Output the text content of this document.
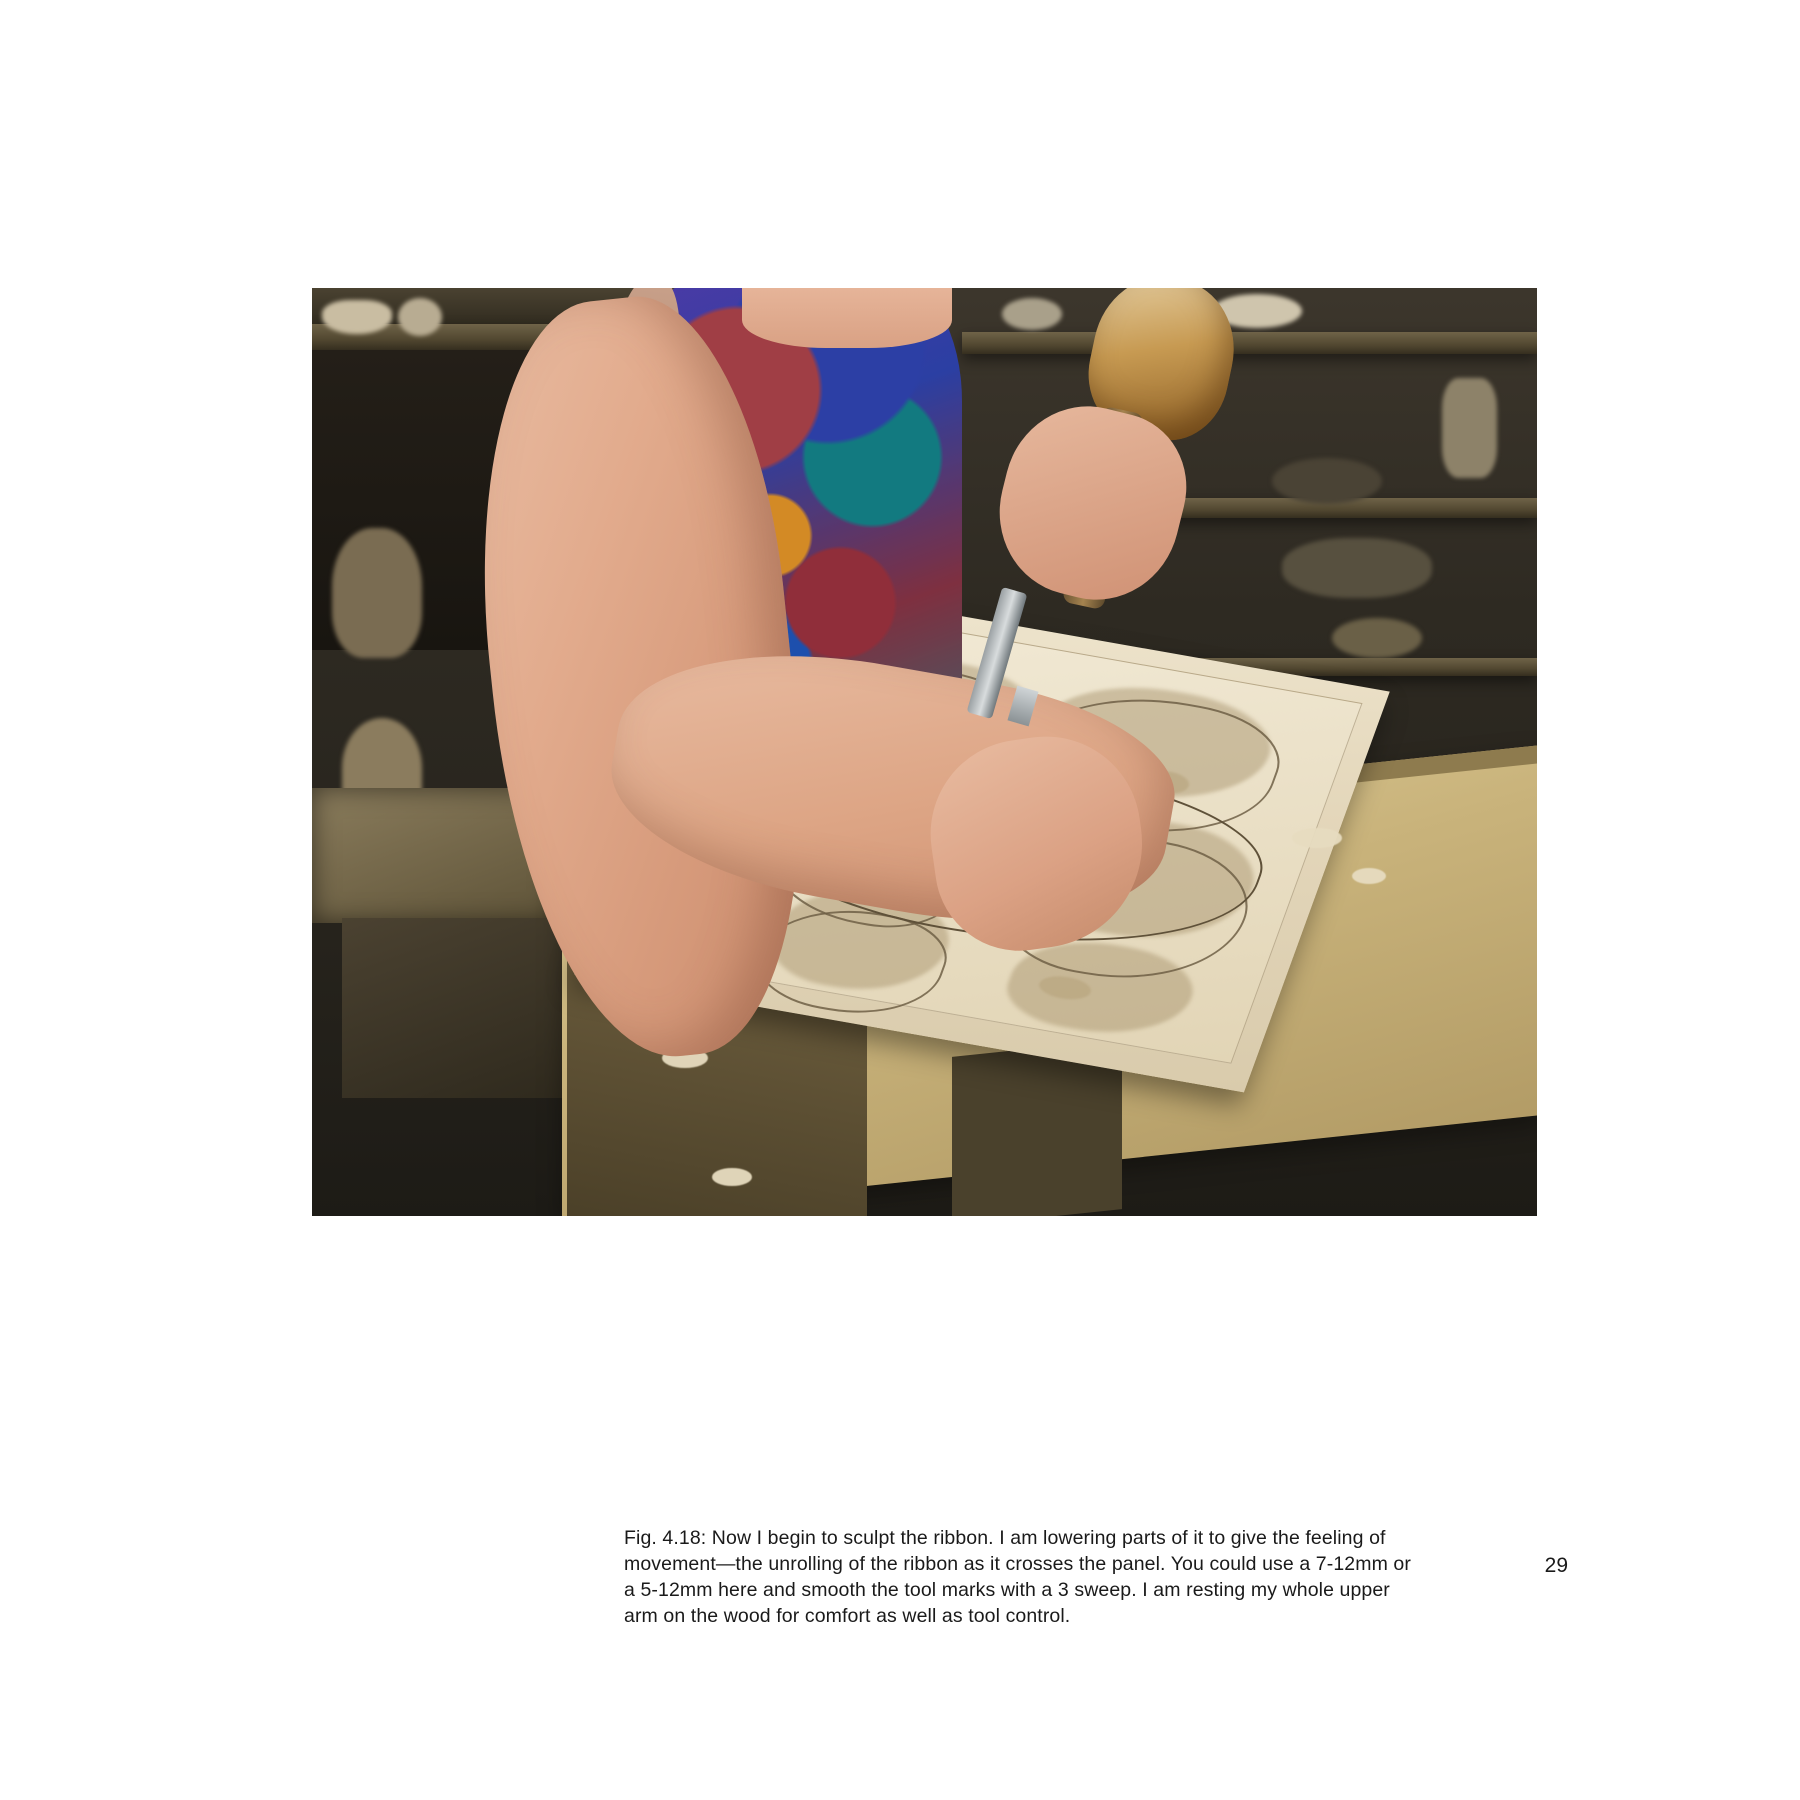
Fig. 4.18: Now I begin to sculpt the ribbon. I am lowering parts of it to give the feeling of movement—the unrolling of the ribbon as it crosses the panel. You could use a 7-12mm or a 5-12mm here and smooth the tool marks with a 3 sweep. I am resting my whole upper arm on the wood for comfort as well as tool control.
29
